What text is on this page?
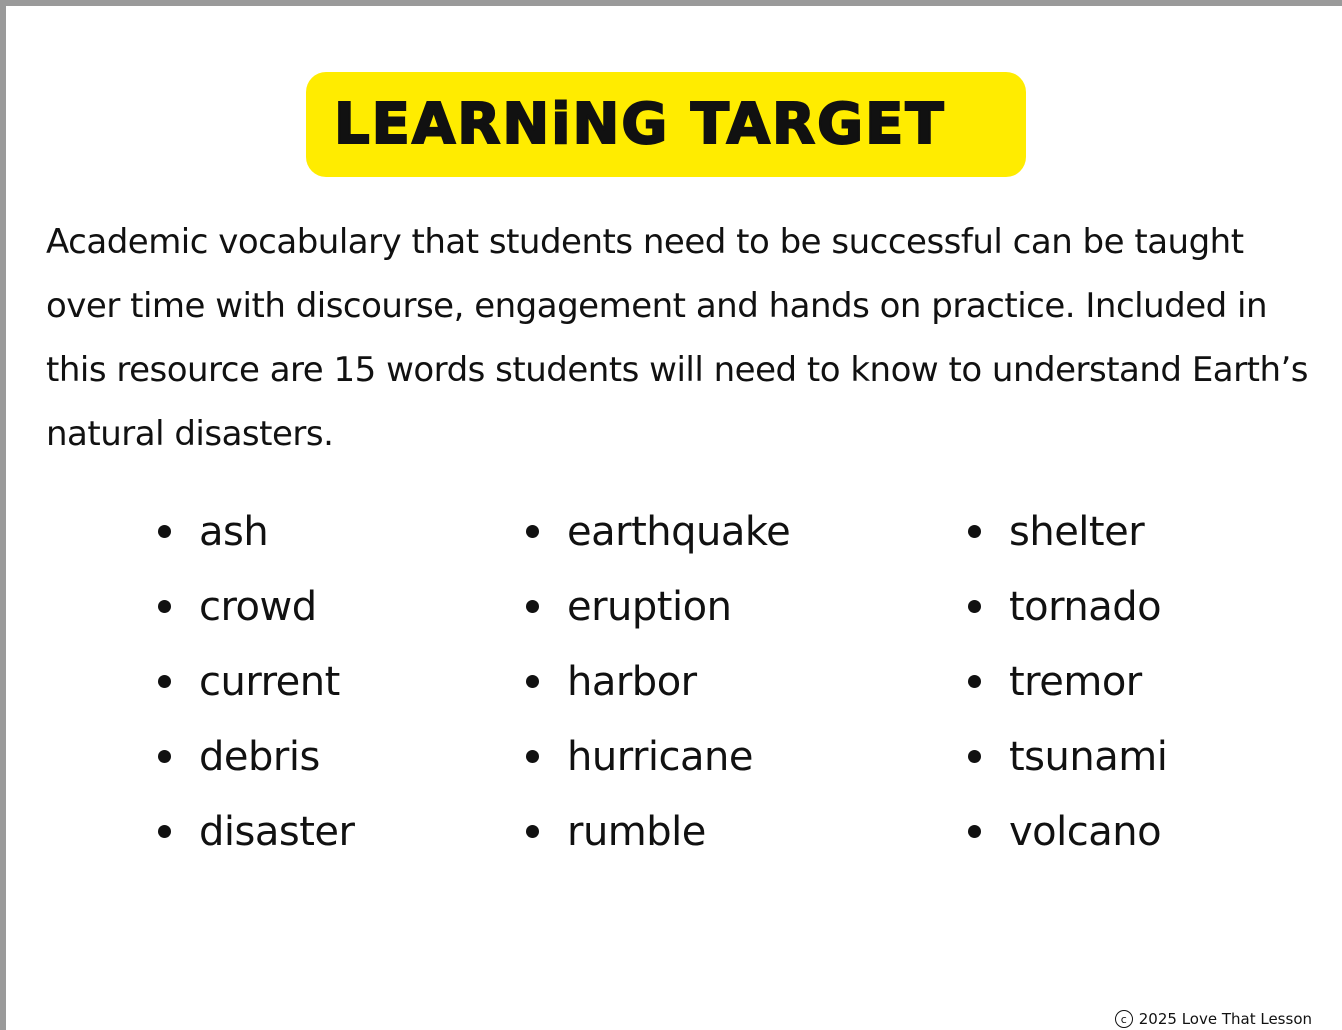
LEARNiNG TARGET
Academic vocabulary that students need to be successful can be taught over time with discourse, engagement and hands on practice. Included in this resource are 15 words students will need to know to understand Earth’s natural disasters.
ash
crowd
current
debris
disaster
earthquake
eruption
harbor
hurricane
rumble
shelter
tornado
tremor
tsunami
volcano
c 2025 Love That Lesson
